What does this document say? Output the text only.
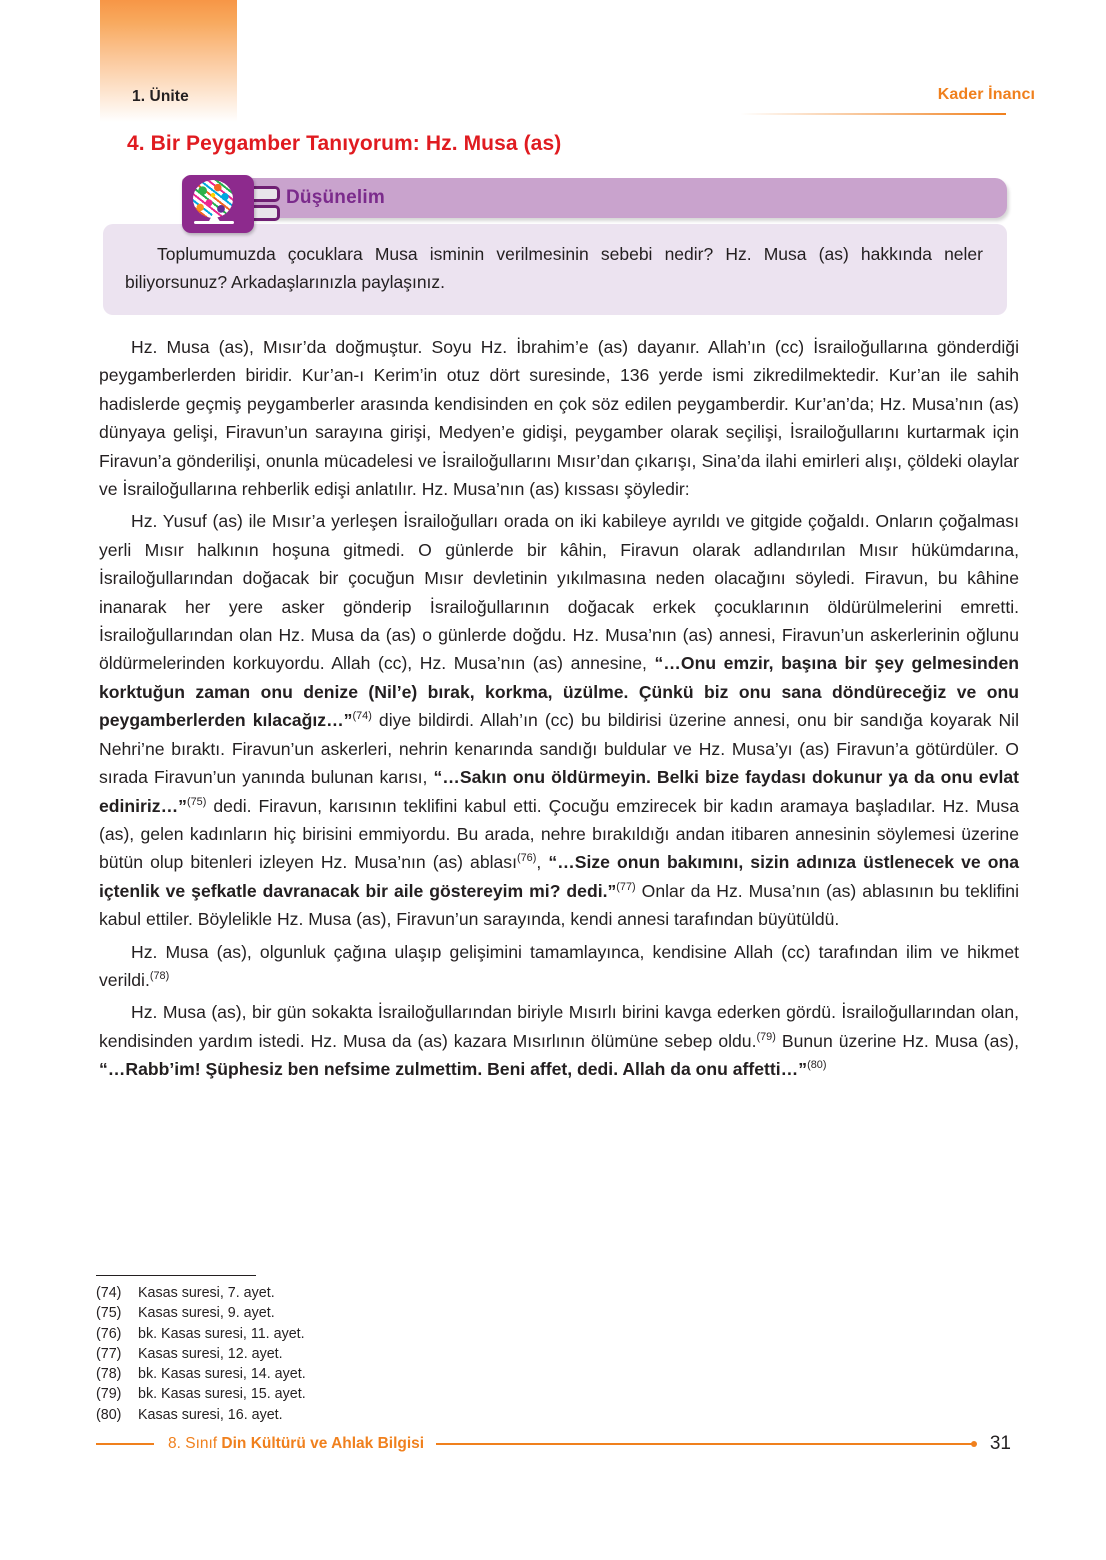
1. Ünite	Kader İnancı
4. Bir Peygamber Tanıyorum: Hz. Musa (as)
Düşünelim
Toplumumuzda çocuklara Musa isminin verilmesinin sebebi nedir? Hz. Musa (as) hakkında neler biliyorsunuz? Arkadaşlarınızla paylaşınız.

Hz. Musa (as), Mısır’da doğmuştur. Soyu Hz. İbrahim’e (as) dayanır. Allah’ın (cc) İsrailoğullarına gönderdiği peygamberlerden biridir. Kur’an-ı Kerim’in otuz dört suresinde, 136 yerde ismi zikredilmektedir. Kur’an ile sahih hadislerde geçmiş peygamberler arasında kendisinden en çok söz edilen peygamberdir. Kur’an’da; Hz. Musa’nın (as) dünyaya gelişi, Firavun’un sarayına girişi, Medyen’e gidişi, peygamber olarak seçilişi, İsrailoğullarını kurtarmak için Firavun’a gönderilişi, onunla mücadelesi ve İsrailoğullarını Mısır’dan çıkarışı, Sina’da ilahi emirleri alışı, çöldeki olaylar ve İsrailoğullarına rehberlik edişi anlatılır. Hz. Musa’nın (as) kıssası şöyledir:

Hz. Yusuf (as) ile Mısır’a yerleşen İsrailoğulları orada on iki kabileye ayrıldı ve gitgide çoğaldı. Onların çoğalması yerli Mısır halkının hoşuna gitmedi. O günlerde bir kâhin, Firavun olarak adlandırılan Mısır hükümdarına, İsrailoğullarından doğacak bir çocuğun Mısır devletinin yıkılmasına neden olacağını söyledi. Firavun, bu kâhine inanarak her yere asker gönderip İsrailoğullarının doğacak erkek çocuklarının öldürülmelerini emretti. İsrailoğullarından olan Hz. Musa da (as) o günlerde doğdu. Hz. Musa’nın (as) annesi, Firavun’un askerlerinin oğlunu öldürmelerinden korkuyordu. Allah (cc), Hz. Musa’nın (as) annesine, “…Onu emzir, başına bir şey gelmesinden korktuğun zaman onu denize (Nil’e) bırak, korkma, üzülme. Çünkü biz onu sana döndüreceğiz ve onu peygamberlerden kılacağız…”$^{(74)}$ diye bildirdi. Allah’ın (cc) bu bildirisi üzerine annesi, onu bir sandığa koyarak Nil Nehri’ne bıraktı. Firavun’un askerleri, nehrin kenarında sandığı buldular ve Hz. Musa’yı (as) Firavun’a götürdüler. O sırada Firavun’un yanında bulunan karısı, “…Sakın onu öldürmeyin. Belki bize faydası dokunur ya da onu evlat ediniriz…”$^{(75)}$ dedi. Firavun, karısının teklifini kabul etti. Çocuğu emzirecek bir kadın aramaya başladılar. Hz. Musa (as), gelen kadınların hiç birisini emmiyordu. Bu arada, nehre bırakıldığı andan itibaren annesinin söylemesi üzerine bütün olup bitenleri izleyen Hz. Musa’nın (as) ablası$^{(76)}$, “…Size onun bakımını, sizin adınıza üstlenecek ve ona içtenlik ve şefkatle davranacak bir aile göstereyim mi? dedi.”$^{(77)}$ Onlar da Hz. Musa’nın (as) ablasının bu teklifini kabul ettiler. Böylelikle Hz. Musa (as), Firavun’un sarayında, kendi annesi tarafından büyütüldü.

Hz. Musa (as), olgunluk çağına ulaşıp gelişimini tamamlayınca, kendisine Allah (cc) tarafından ilim ve hikmet verildi.$^{(78)}$

Hz. Musa (as), bir gün sokakta İsrailoğullarından biriyle Mısırlı birini kavga ederken gördü. İsrailoğullarından olan, kendisinden yardım istedi. Hz. Musa da (as) kazara Mısırlının ölümüne sebep oldu.$^{(79)}$ Bunun üzerine Hz. Musa (as), “…Rabb’im! Şüphesiz ben nefsime zulmettim. Beni affet, dedi. Allah da onu affetti…”$^{(80)}$

(74)	Kasas suresi, 7. ayet.
(75)	Kasas suresi, 9. ayet.
(76)	bk. Kasas suresi, 11. ayet.
(77)	Kasas suresi, 12. ayet.
(78)	bk. Kasas suresi, 14. ayet.
(79)	bk. Kasas suresi, 15. ayet.
(80)	Kasas suresi, 16. ayet.
8. Sınıf Din Kültürü ve Ahlak Bilgisi	31
